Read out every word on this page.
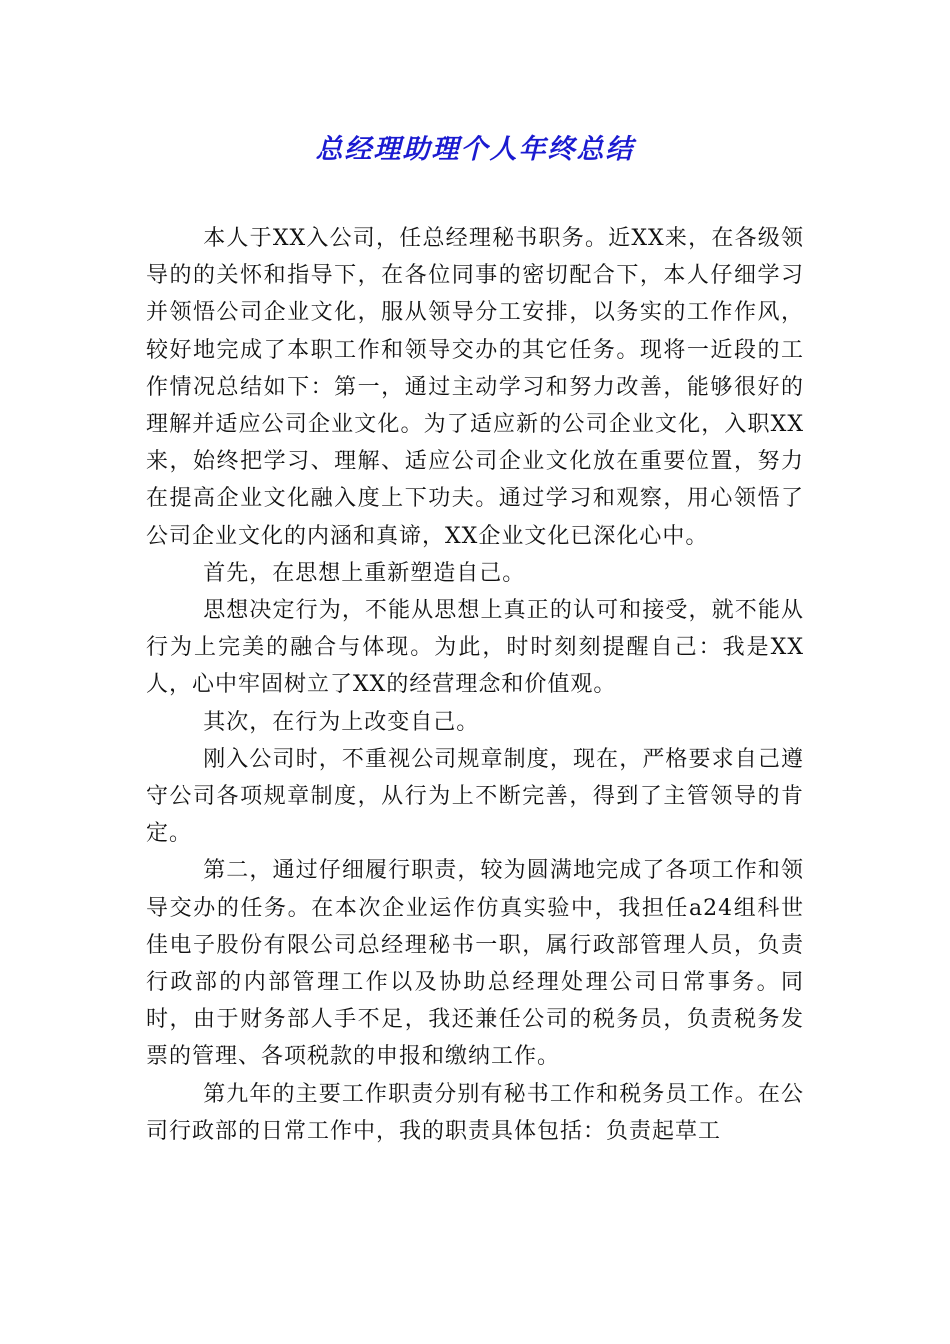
总经理助理个人年终总结

本人于XX入公司，任总经理秘书职务。近XX来，在各级领导的的关怀和指导下，在各位同事的密切配合下，本人仔细学习并领悟公司企业文化，服从领导分工安排，以务实的工作作风，较好地完成了本职工作和领导交办的其它任务。现将一近段的工作情况总结如下：第一，通过主动学习和努力改善，能够很好的理解并适应公司企业文化。为了适应新的公司企业文化，入职XX来，始终把学习、理解、适应公司企业文化放在重要位置，努力在提高企业文化融入度上下功夫。通过学习和观察，用心领悟了公司企业文化的内涵和真谛，XX企业文化已深化心中。

首先，在思想上重新塑造自己。

思想决定行为，不能从思想上真正的认可和接受，就不能从行为上完美的融合与体现。为此，时时刻刻提醒自己：我是XX人，心中牢固树立了XX的经营理念和价值观。

其次，在行为上改变自己。

刚入公司时，不重视公司规章制度，现在，严格要求自己遵守公司各项规章制度，从行为上不断完善，得到了主管领导的肯定。

第二，通过仔细履行职责，较为圆满地完成了各项工作和领导交办的任务。在本次企业运作仿真实验中，我担任a24组科世佳电子股份有限公司总经理秘书一职，属行政部管理人员，负责行政部的内部管理工作以及协助总经理处理公司日常事务。同时，由于财务部人手不足，我还兼任公司的税务员，负责税务发票的管理、各项税款的申报和缴纳工作。

第九年的主要工作职责分别有秘书工作和税务员工作。在公司行政部的日常工作中，我的职责具体包括：负责起草工
